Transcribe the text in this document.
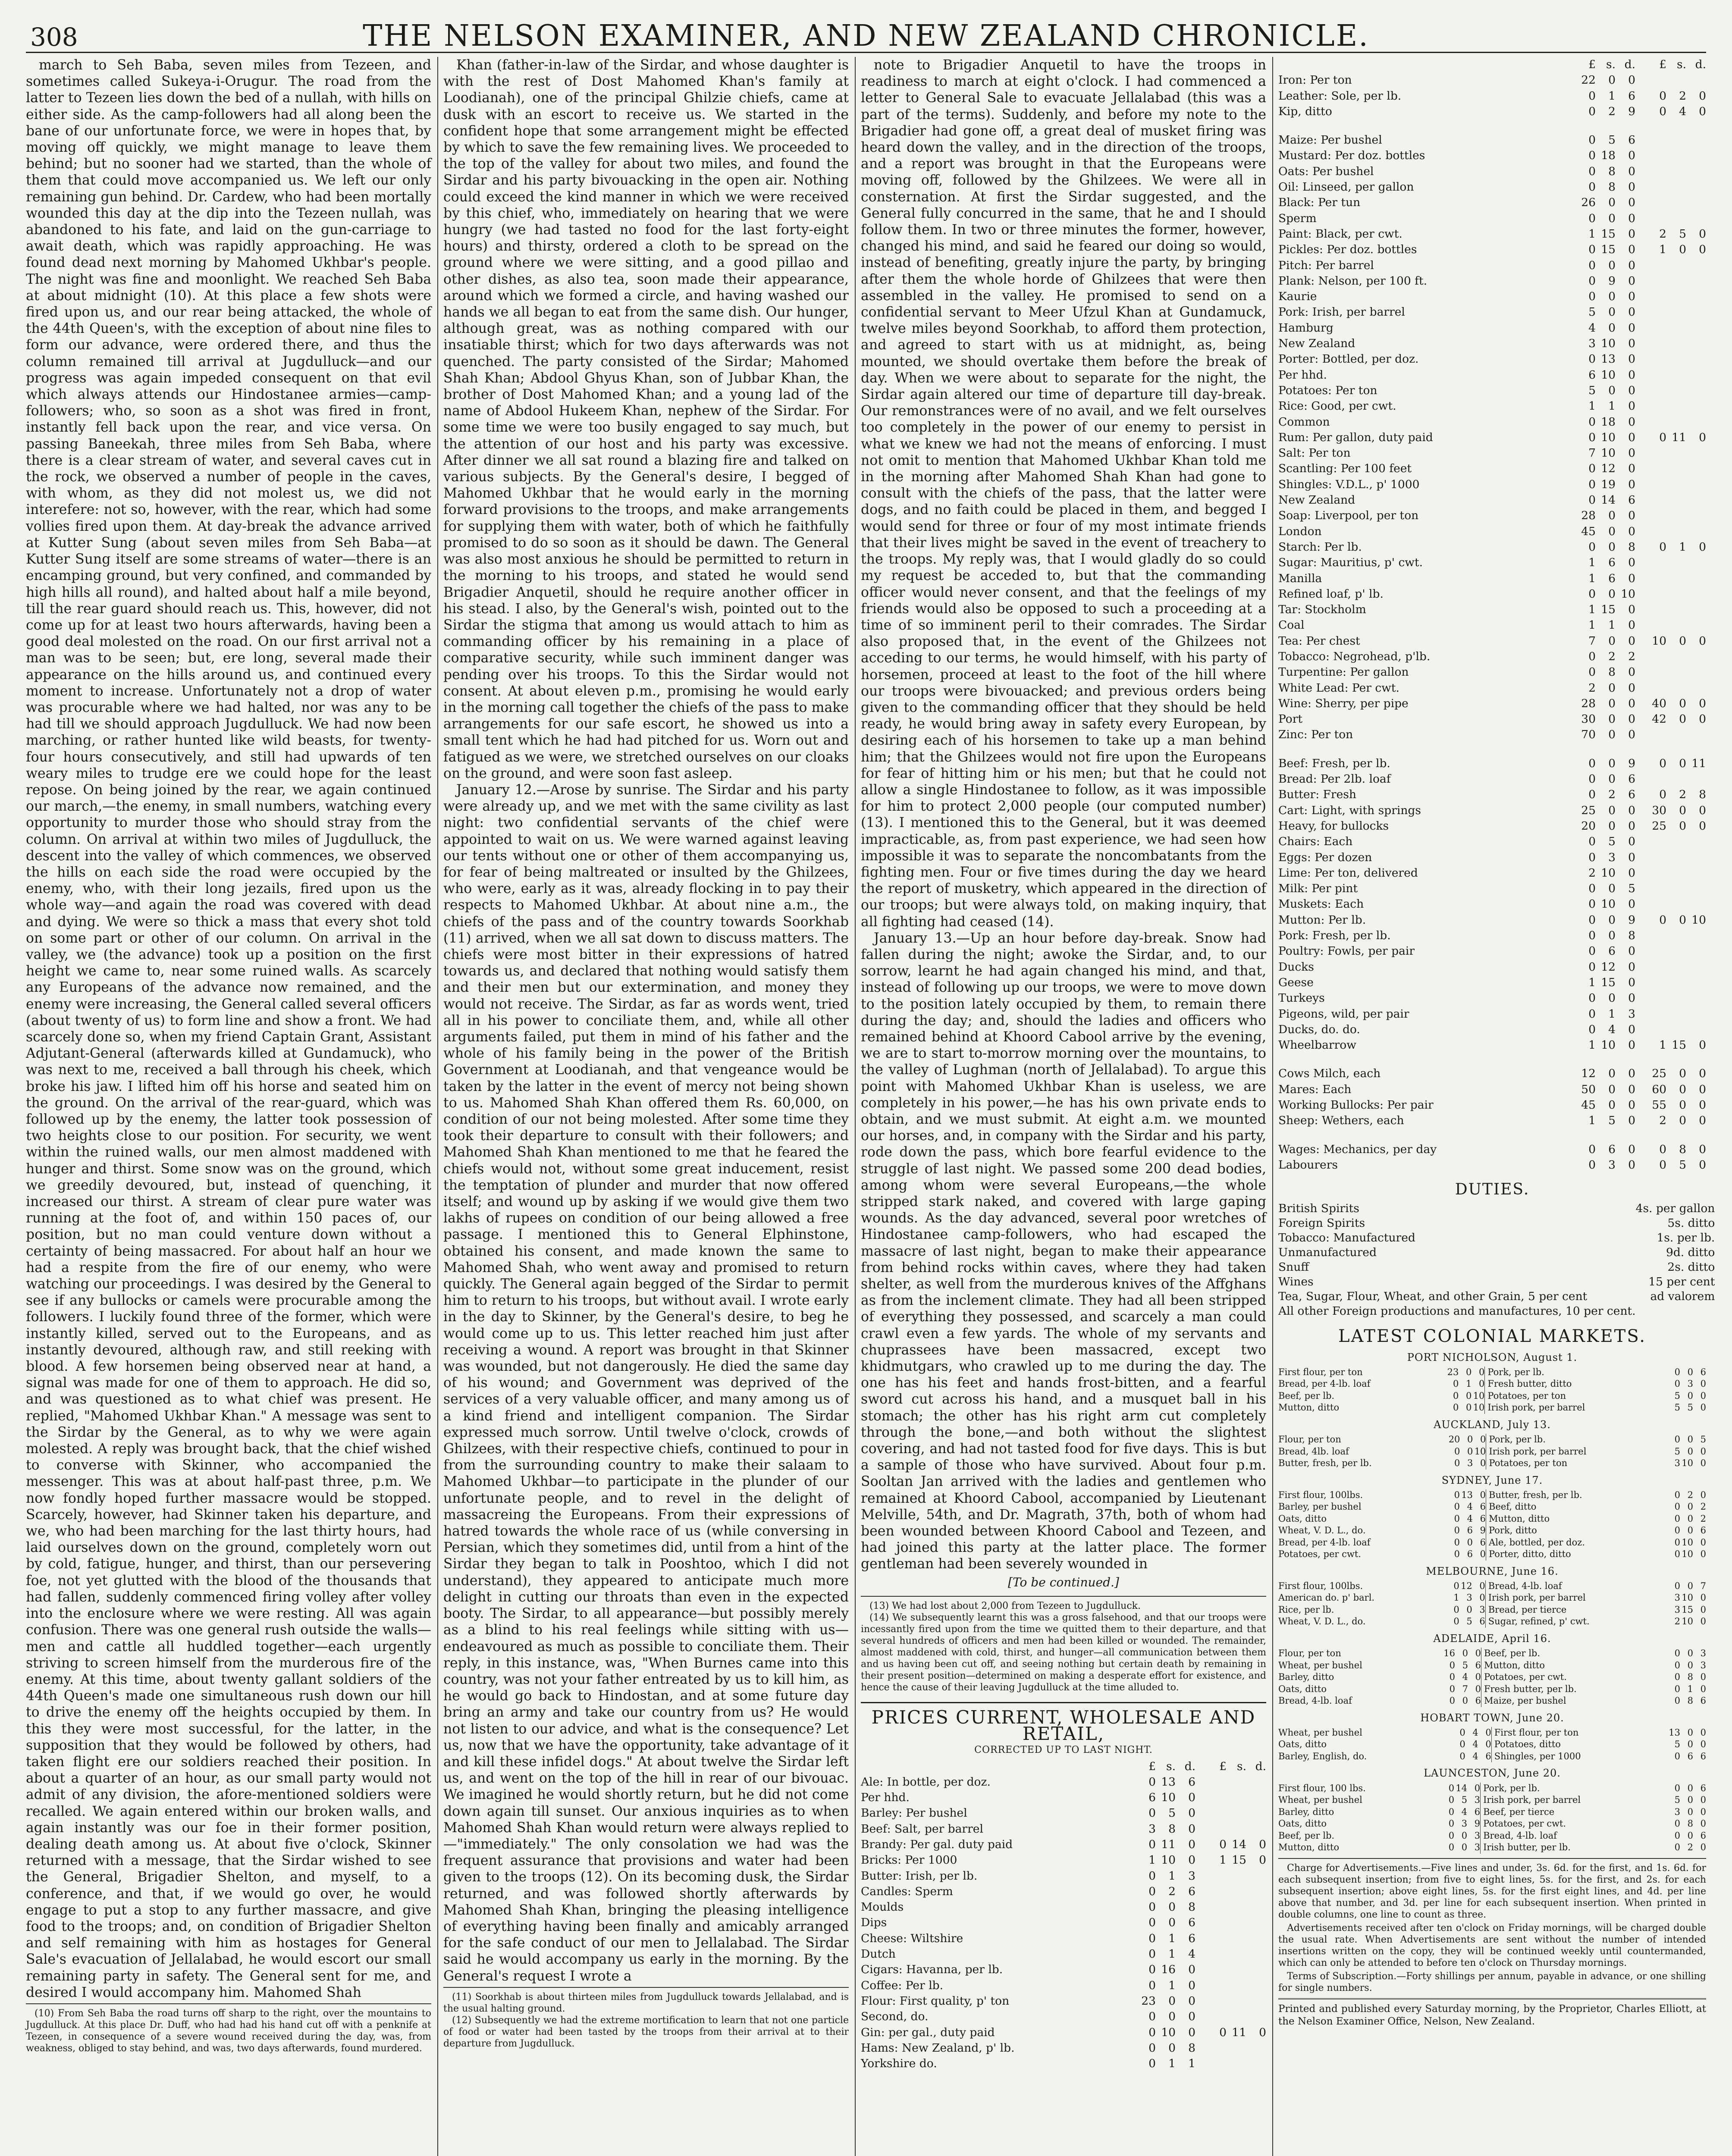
308	THE NELSON EXAMINER, AND NEW ZEALAND CHRONICLE.

march to Seh Baba, seven miles from Tezeen, and sometimes called Sukeya-i-Orugur. The road from the latter to Tezeen lies down the bed of a nullah, with hills on either side. As the camp-followers had all along been the bane of our unfortunate force, we were in hopes that, by moving off quickly, we might manage to leave them behind; but no sooner had we started, than the whole of them that could move accompanied us. We left our only remaining gun behind. Dr. Cardew, who had been mortally wounded this day at the dip into the Tezeen nullah, was abandoned to his fate, and laid on the gun-carriage to await death, which was rapidly approaching. He was found dead next morning by Mahomed Ukhbar's people. The night was fine and moonlight. We reached Seh Baba at about midnight (10). At this place a few shots were fired upon us, and our rear being attacked, the whole of the 44th Queen's, with the exception of about nine files to form our advance, were ordered there, and thus the column remained till arrival at Jugdulluck—and our progress was again impeded consequent on that evil which always attends our Hindostanee armies—camp-followers; who, so soon as a shot was fired in front, instantly fell back upon the rear, and vice versa. On passing Baneekah, three miles from Seh Baba, where there is a clear stream of water, and several caves cut in the rock, we observed a number of people in the caves, with whom, as they did not molest us, we did not interefere: not so, however, with the rear, which had some vollies fired upon them. At day-break the advance arrived at Kutter Sung (about seven miles from Seh Baba—at Kutter Sung itself are some streams of water—there is an encamping ground, but very confined, and commanded by high hills all round), and halted about half a mile beyond, till the rear guard should reach us. This, however, did not come up for at least two hours afterwards, having been a good deal molested on the road. On our first arrival not a man was to be seen; but, ere long, several made their appearance on the hills around us, and continued every moment to increase. Unfortunately not a drop of water was procurable where we had halted, nor was any to be had till we should approach Jugdulluck. We had now been marching, or rather hunted like wild beasts, for twenty-four hours consecutively, and still had upwards of ten weary miles to trudge ere we could hope for the least repose. On being joined by the rear, we again continued our march,—the enemy, in small numbers, watching every opportunity to murder those who should stray from the column. On arrival at within two miles of Jugdulluck, the descent into the valley of which commences, we observed the hills on each side the road were occupied by the enemy, who, with their long jezails, fired upon us the whole way—and again the road was covered with dead and dying. We were so thick a mass that every shot told on some part or other of our column. On arrival in the valley, we (the advance) took up a position on the first height we came to, near some ruined walls. As scarcely any Europeans of the advance now remained, and the enemy were increasing, the General called several officers (about twenty of us) to form line and show a front. We had scarcely done so, when my friend Captain Grant, Assistant Adjutant-General (afterwards killed at Gundamuck), who was next to me, received a ball through his cheek, which broke his jaw. I lifted him off his horse and seated him on the ground. On the arrival of the rear-guard, which was followed up by the enemy, the latter took possession of two heights close to our position. For security, we went within the ruined walls, our men almost maddened with hunger and thirst. Some snow was on the ground, which we greedily devoured, but, instead of quenching, it increased our thirst. A stream of clear pure water was running at the foot of, and within 150 paces of, our position, but no man could venture down without a certainty of being massacred. For about half an hour we had a respite from the fire of our enemy, who were watching our proceedings. I was desired by the General to see if any bullocks or camels were procurable among the followers. I luckily found three of the former, which were instantly killed, served out to the Europeans, and as instantly devoured, although raw, and still reeking with blood. A few horsemen being observed near at hand, a signal was made for one of them to approach. He did so, and was questioned as to what chief was present. He replied, "Mahomed Ukhbar Khan." A message was sent to the Sirdar by the General, as to why we were again molested. A reply was brought back, that the chief wished to converse with Skinner, who accompanied the messenger. This was at about half-past three, p.m. We now fondly hoped further massacre would be stopped. Scarcely, however, had Skinner taken his departure, and we, who had been marching for the last thirty hours, had laid ourselves down on the ground, completely worn out by cold, fatigue, hunger, and thirst, than our persevering foe, not yet glutted with the blood of the thousands that had fallen, suddenly commenced firing volley after volley into the enclosure where we were resting. All was again confusion. There was one general rush outside the walls—men and cattle all huddled together—each urgently striving to screen himself from the murderous fire of the enemy. At this time, about twenty gallant soldiers of the 44th Queen's made one simultaneous rush down our hill to drive the enemy off the heights occupied by them. In this they were most successful, for the latter, in the supposition that they would be followed by others, had taken flight ere our soldiers reached their position. In about a quarter of an hour, as our small party would not admit of any division, the afore-mentioned soldiers were recalled. We again entered within our broken walls, and again instantly was our foe in their former position, dealing death among us. At about five o'clock, Skinner returned with a message, that the Sirdar wished to see the General, Brigadier Shelton, and myself, to a conference, and that, if we would go over, he would engage to put a stop to any further massacre, and give food to the troops; and, on condition of Brigadier Shelton and self remaining with him as hostages for General Sale's evacuation of Jellalabad, he would escort our small remaining party in safety. The General sent for me, and desired I would accompany him. Mahomed Shah

(10) From Seh Baba the road turns off sharp to the right, over the mountains to Jugdulluck. At this place Dr. Duff, who had had his hand cut off with a penknife at Tezeen, in consequence of a severe wound received during the day, was, from weakness, obliged to stay behind, and was, two days afterwards, found murdered.

Khan (father-in-law of the Sirdar, and whose daughter is with the rest of Dost Mahomed Khan's family at Loodianah), one of the principal Ghilzie chiefs, came at dusk with an escort to receive us. We started in the confident hope that some arrangement might be effected by which to save the few remaining lives. We proceeded to the top of the valley for about two miles, and found the Sirdar and his party bivouacking in the open air. Nothing could exceed the kind manner in which we were received by this chief, who, immediately on hearing that we were hungry (we had tasted no food for the last forty-eight hours) and thirsty, ordered a cloth to be spread on the ground where we were sitting, and a good pillao and other dishes, as also tea, soon made their appearance, around which we formed a circle, and having washed our hands we all began to eat from the same dish. Our hunger, although great, was as nothing compared with our insatiable thirst; which for two days afterwards was not quenched. The party consisted of the Sirdar; Mahomed Shah Khan; Abdool Ghyus Khan, son of Jubbar Khan, the brother of Dost Mahomed Khan; and a young lad of the name of Abdool Hukeem Khan, nephew of the Sirdar. For some time we were too busily engaged to say much, but the attention of our host and his party was excessive. After dinner we all sat round a blazing fire and talked on various subjects. By the General's desire, I begged of Mahomed Ukhbar that he would early in the morning forward provisions to the troops, and make arrangements for supplying them with water, both of which he faithfully promised to do so soon as it should be dawn. The General was also most anxious he should be permitted to return in the morning to his troops, and stated he would send Brigadier Anquetil, should he require another officer in his stead. I also, by the General's wish, pointed out to the Sirdar the stigma that among us would attach to him as commanding officer by his remaining in a place of comparative security, while such imminent danger was pending over his troops. To this the Sirdar would not consent. At about eleven p.m., promising he would early in the morning call together the chiefs of the pass to make arrangements for our safe escort, he showed us into a small tent which he had had pitched for us. Worn out and fatigued as we were, we stretched ourselves on our cloaks on the ground, and were soon fast asleep.

January 12.—Arose by sunrise. The Sirdar and his party were already up, and we met with the same civility as last night: two confidential servants of the chief were appointed to wait on us. We were warned against leaving our tents without one or other of them accompanying us, for fear of being maltreated or insulted by the Ghilzees, who were, early as it was, already flocking in to pay their respects to Mahomed Ukhbar. At about nine a.m., the chiefs of the pass and of the country towards Soorkhab (11) arrived, when we all sat down to discuss matters. The chiefs were most bitter in their expressions of hatred towards us, and declared that nothing would satisfy them and their men but our extermination, and money they would not receive. The Sirdar, as far as words went, tried all in his power to conciliate them, and, while all other arguments failed, put them in mind of his father and the whole of his family being in the power of the British Government at Loodianah, and that vengeance would be taken by the latter in the event of mercy not being shown to us. Mahomed Shah Khan offered them Rs. 60,000, on condition of our not being molested. After some time they took their departure to consult with their followers; and Mahomed Shah Khan mentioned to me that he feared the chiefs would not, without some great inducement, resist the temptation of plunder and murder that now offered itself; and wound up by asking if we would give them two lakhs of rupees on condition of our being allowed a free passage. I mentioned this to General Elphinstone, obtained his consent, and made known the same to Mahomed Shah, who went away and promised to return quickly. The General again begged of the Sirdar to permit him to return to his troops, but without avail. I wrote early in the day to Skinner, by the General's desire, to beg he would come up to us. This letter reached him just after receiving a wound. A report was brought in that Skinner was wounded, but not dangerously. He died the same day of his wound; and Government was deprived of the services of a very valuable officer, and many among us of a kind friend and intelligent companion. The Sirdar expressed much sorrow. Until twelve o'clock, crowds of Ghilzees, with their respective chiefs, continued to pour in from the surrounding country to make their salaam to Mahomed Ukhbar—to participate in the plunder of our unfortunate people, and to revel in the delight of massacreing the Europeans. From their expressions of hatred towards the whole race of us (while conversing in Persian, which they sometimes did, until from a hint of the Sirdar they began to talk in Pooshtoo, which I did not understand), they appeared to anticipate much more delight in cutting our throats than even in the expected booty. The Sirdar, to all appearance—but possibly merely as a blind to his real feelings while sitting with us—endeavoured as much as possible to conciliate them. Their reply, in this instance, was, "When Burnes came into this country, was not your father entreated by us to kill him, as he would go back to Hindostan, and at some future day bring an army and take our country from us? He would not listen to our advice, and what is the consequence? Let us, now that we have the opportunity, take advantage of it and kill these infidel dogs." At about twelve the Sirdar left us, and went on the top of the hill in rear of our bivouac. We imagined he would shortly return, but he did not come down again till sunset. Our anxious inquiries as to when Mahomed Shah Khan would return were always replied to—"immediately." The only consolation we had was the frequent assurance that provisions and water had been given to the troops (12). On its becoming dusk, the Sirdar returned, and was followed shortly afterwards by Mahomed Shah Khan, bringing the pleasing intelligence of everything having been finally and amicably arranged for the safe conduct of our men to Jellalabad. The Sirdar said he would accompany us early in the morning. By the General's request I wrote a

(11) Soorkhab is about thirteen miles from Jugdulluck towards Jellalabad, and is the usual halting ground.

(12) Subsequently we had the extreme mortification to learn that not one particle of food or water had been tasted by the troops from their arrival at to their departure from Jugdulluck.

note to Brigadier Anquetil to have the troops in readiness to march at eight o'clock. I had commenced a letter to General Sale to evacuate Jellalabad (this was a part of the terms). Suddenly, and before my note to the Brigadier had gone off, a great deal of musket firing was heard down the valley, and in the direction of the troops, and a report was brought in that the Europeans were moving off, followed by the Ghilzees. We were all in consternation. At first the Sirdar suggested, and the General fully concurred in the same, that he and I should follow them. In two or three minutes the former, however, changed his mind, and said he feared our doing so would, instead of benefiting, greatly injure the party, by bringing after them the whole horde of Ghilzees that were then assembled in the valley. He promised to send on a confidential servant to Meer Ufzul Khan at Gundamuck, twelve miles beyond Soorkhab, to afford them protection, and agreed to start with us at midnight, as, being mounted, we should overtake them before the break of day. When we were about to separate for the night, the Sirdar again altered our time of departure till day-break. Our remonstrances were of no avail, and we felt ourselves too completely in the power of our enemy to persist in what we knew we had not the means of enforcing. I must not omit to mention that Mahomed Ukhbar Khan told me in the morning after Mahomed Shah Khan had gone to consult with the chiefs of the pass, that the latter were dogs, and no faith could be placed in them, and begged I would send for three or four of my most intimate friends that their lives might be saved in the event of treachery to the troops. My reply was, that I would gladly do so could my request be acceded to, but that the commanding officer would never consent, and that the feelings of my friends would also be opposed to such a proceeding at a time of so imminent peril to their comrades. The Sirdar also proposed that, in the event of the Ghilzees not acceding to our terms, he would himself, with his party of horsemen, proceed at least to the foot of the hill where our troops were bivouacked; and previous orders being given to the commanding officer that they should be held ready, he would bring away in safety every European, by desiring each of his horsemen to take up a man behind him; that the Ghilzees would not fire upon the Europeans for fear of hitting him or his men; but that he could not allow a single Hindostanee to follow, as it was impossible for him to protect 2,000 people (our computed number) (13). I mentioned this to the General, but it was deemed impracticable, as, from past experience, we had seen how impossible it was to separate the noncombatants from the fighting men. Four or five times during the day we heard the report of musketry, which appeared in the direction of our troops; but were always told, on making inquiry, that all fighting had ceased (14).

January 13.—Up an hour before day-break. Snow had fallen during the night; awoke the Sirdar, and, to our sorrow, learnt he had again changed his mind, and that, instead of following up our troops, we were to move down to the position lately occupied by them, to remain there during the day; and, should the ladies and officers who remained behind at Khoord Cabool arrive by the evening, we are to start to-morrow morning over the mountains, to the valley of Lughman (north of Jellalabad). To argue this point with Mahomed Ukhbar Khan is useless, we are completely in his power,—he has his own private ends to obtain, and we must submit. At eight a.m. we mounted our horses, and, in company with the Sirdar and his party, rode down the pass, which bore fearful evidence to the struggle of last night. We passed some 200 dead bodies, among whom were several Europeans,—the whole stripped stark naked, and covered with large gaping wounds. As the day advanced, several poor wretches of Hindostanee camp-followers, who had escaped the massacre of last night, began to make their appearance from behind rocks within caves, where they had taken shelter, as well from the murderous knives of the Affghans as from the inclement climate. They had all been stripped of everything they possessed, and scarcely a man could crawl even a few yards. The whole of my servants and chuprassees have been massacred, except two khidmutgars, who crawled up to me during the day. The one has his feet and hands frost-bitten, and a fearful sword cut across his hand, and a musquet ball in his stomach; the other has his right arm cut completely through the bone,—and both without the slightest covering, and had not tasted food for five days. This is but a sample of those who have survived. About four p.m. Sooltan Jan arrived with the ladies and gentlemen who remained at Khoord Cabool, accompanied by Lieutenant Melville, 54th, and Dr. Magrath, 37th, both of whom had been wounded between Khoord Cabool and Tezeen, and had joined this party at the latter place. The former gentleman had been severely wounded in

[To be continued.]

(13) We had lost about 2,000 from Tezeen to Jugdulluck.

(14) We subsequently learnt this was a gross falsehood, and that our troops were incessantly fired upon from the time we quitted them to their departure, and that several hundreds of officers and men had been killed or wounded. The remainder, almost maddened with cold, thirst, and hunger—all communication between them and us having been cut off, and seeing nothing but certain death by remaining in their present position—determined on making a desperate effort for existence, and hence the cause of their leaving Jugdulluck at the time alluded to.

PRICES CURRENT, WHOLESALE AND RETAIL,
CORRECTED UP TO LAST NIGHT.
	£	s.	d.		£	s.	d.
Ale: In bottle, per doz.	0	13	6				
Per hhd.	6	10	0				
Barley: Per bushel	0	5	0				
Beef: Salt, per barrel	3	8	0				
Brandy: Per gal. duty paid	0	11	0		0	14	0
Bricks: Per 1000	1	10	0		1	15	0
Butter: Irish, per lb.	0	1	3				
Candles: Sperm	0	2	6				
Moulds	0	0	8				
Dips	0	0	6				
Cheese: Wiltshire	0	1	6				
Dutch	0	1	4				
Cigars: Havanna, per lb.	0	16	0				
Coffee: Per lb.	0	1	0				
Flour: First quality, p' ton	23	0	0				
Second, do.	0	0	0				
Gin: per gal., duty paid	0	10	0		0	11	0
Hams: New Zealand, p' lb.	0	0	8				
Yorkshire do.	0	1	1				
	£	s.	d.		£	s.	d.
Iron: Per ton	22	0	0				
Leather: Sole, per lb.	0	1	6		0	2	0
Kip, ditto	0	2	9		0	4	0

Maize: Per bushel	0	5	6				
Mustard: Per doz. bottles	0	18	0				
Oats: Per bushel	0	8	0				
Oil: Linseed, per gallon	0	8	0				
Black: Per tun	26	0	0				
Sperm	0	0	0				
Paint: Black, per cwt.	1	15	0		2	5	0
Pickles: Per doz. bottles	0	15	0		1	0	0
Pitch: Per barrel	0	0	0				
Plank: Nelson, per 100 ft.	0	9	0				
Kaurie	0	0	0				
Pork: Irish, per barrel	5	0	0				
Hamburg	4	0	0				
New Zealand	3	10	0				
Porter: Bottled, per doz.	0	13	0				
Per hhd.	6	10	0				
Potatoes: Per ton	5	0	0				
Rice: Good, per cwt.	1	1	0				
Common	0	18	0				
Rum: Per gallon, duty paid	0	10	0		0	11	0
Salt: Per ton	7	10	0				
Scantling: Per 100 feet	0	12	0				
Shingles: V.D.L., p' 1000	0	19	0				
New Zealand	0	14	6				
Soap: Liverpool, per ton	28	0	0				
London	45	0	0				
Starch: Per lb.	0	0	8		0	1	0
Sugar: Mauritius, p' cwt.	1	6	0				
Manilla	1	6	0				
Refined loaf, p' lb.	0	0	10				
Tar: Stockholm	1	15	0				
Coal	1	1	0				
Tea: Per chest	7	0	0		10	0	0
Tobacco: Negrohead, p'lb.	0	2	2				
Turpentine: Per gallon	0	8	0				
White Lead: Per cwt.	2	0	0				
Wine: Sherry, per pipe	28	0	0		40	0	0
Port	30	0	0		42	0	0
Zinc: Per ton	70	0	0				

Beef: Fresh, per lb.	0	0	9		0	0	11
Bread: Per 2lb. loaf	0	0	6				
Butter: Fresh	0	2	6		0	2	8
Cart: Light, with springs	25	0	0		30	0	0
Heavy, for bullocks	20	0	0		25	0	0
Chairs: Each	0	5	0				
Eggs: Per dozen	0	3	0				
Lime: Per ton, delivered	2	10	0				
Milk: Per pint	0	0	5				
Muskets: Each	0	10	0				
Mutton: Per lb.	0	0	9		0	0	10
Pork: Fresh, per lb.	0	0	8				
Poultry: Fowls, per pair	0	6	0				
Ducks	0	12	0				
Geese	1	15	0				
Turkeys	0	0	0				
Pigeons, wild, per pair	0	1	3				
Ducks, do. do.	0	4	0				
Wheelbarrow	1	10	0		1	15	0

Cows Milch, each	12	0	0		25	0	0
Mares: Each	50	0	0		60	0	0
Working Bullocks: Per pair	45	0	0		55	0	0
Sheep: Wethers, each	1	5	0		2	0	0

Wages: Mechanics, per day	0	6	0		0	8	0
Labourers	0	3	0		0	5	0
DUTIES.
British Spirits	4s. per gallon
Foreign Spirits	5s. ditto
Tobacco: Manufactured	1s. per lb.
Unmanufactured	9d. ditto
Snuff	2s. ditto
Wines	15 per cent
Tea, Sugar, Flour, Wheat, and other Grain, 5 per cent	ad valorem
All other Foreign productions and manufactures, 10 per cent.	
LATEST COLONIAL MARKETS.
PORT NICHOLSON, August 1.
First flour, per ton	23	0	0	Pork, per lb.	0	0	6
Bread, per 4-lb. loaf	0	1	0	Fresh butter, ditto	0	3	0
Beef, per lb.	0	0	10	Potatoes, per ton	5	0	0
Mutton, ditto	0	0	10	Irish pork, per barrel	5	5	0
AUCKLAND, July 13.
Flour, per ton	20	0	0	Pork, per lb.	0	0	5
Bread, 4lb. loaf	0	0	10	Irish pork, per barrel	5	0	0
Butter, fresh, per lb.	0	3	0	Potatoes, per ton	3	10	0
SYDNEY, June 17.
First flour, 100lbs.	0	13	0	Butter, fresh, per lb.	0	2	0
Barley, per bushel	0	4	6	Beef, ditto	0	0	2
Oats, ditto	0	4	6	Mutton, ditto	0	0	2
Wheat, V. D. L., do.	0	6	9	Pork, ditto	0	0	6
Bread, per 4-lb. loaf	0	0	6	Ale, bottled, per doz.	0	10	0
Potatoes, per cwt.	0	6	0	Porter, ditto, ditto	0	10	0
MELBOURNE, June 16.
First flour, 100lbs.	0	12	0	Bread, 4-lb. loaf	0	0	7
American do. p' barl.	1	3	0	Irish pork, per barrel	3	10	0
Rice, per lb.	0	0	3	Bread, per tierce	3	15	0
Wheat, V. D. L., do.	0	5	6	Sugar, refined, p' cwt.	2	10	0
ADELAIDE, April 16.
Flour, per ton	16	0	0	Beef, per lb.	0	0	3
Wheat, per bushel	0	5	6	Mutton, ditto	0	0	3
Barley, ditto	0	4	0	Potatoes, per cwt.	0	8	0
Oats, ditto	0	7	0	Fresh butter, per lb.	0	1	0
Bread, 4-lb. loaf	0	0	6	Maize, per bushel	0	8	6
HOBART TOWN, June 20.
Wheat, per bushel	0	4	0	First flour, per ton	13	0	0
Oats, ditto	0	4	0	Potatoes, ditto	5	0	0
Barley, English, do.	0	4	6	Shingles, per 1000	0	6	6
LAUNCESTON, June 20.
First flour, 100 lbs.	0	14	0	Pork, per lb.	0	0	6
Wheat, per bushel	0	5	3	Irish pork, per barrel	5	0	0
Barley, ditto	0	4	6	Beef, per tierce	3	0	0
Oats, ditto	0	3	9	Potatoes, per cwt.	0	8	0
Beef, per lb.	0	0	3	Bread, 4-lb. loaf	0	0	6
Mutton, ditto	0	0	3	Irish butter, per lb.	0	2	0

Charge for Advertisements.—Five lines and under, 3s. 6d. for the first, and 1s. 6d. for each subsequent insertion; from five to eight lines, 5s. for the first, and 2s. for each subsequent insertion; above eight lines, 5s. for the first eight lines, and 4d. per line above that number, and 3d. per line for each subsequent insertion. When printed in double columns, one line to count as three.

Advertisements received after ten o'clock on Friday mornings, will be charged double the usual rate. When Advertisements are sent without the number of intended insertions written on the copy, they will be continued weekly until countermanded, which can only be attended to before ten o'clock on Thursday mornings.

Terms of Subscription.—Forty shillings per annum, payable in advance, or one shilling for single numbers.

Printed and published every Saturday morning, by the Proprietor, Charles Elliott, at the Nelson Examiner Office, Nelson, New Zealand.
